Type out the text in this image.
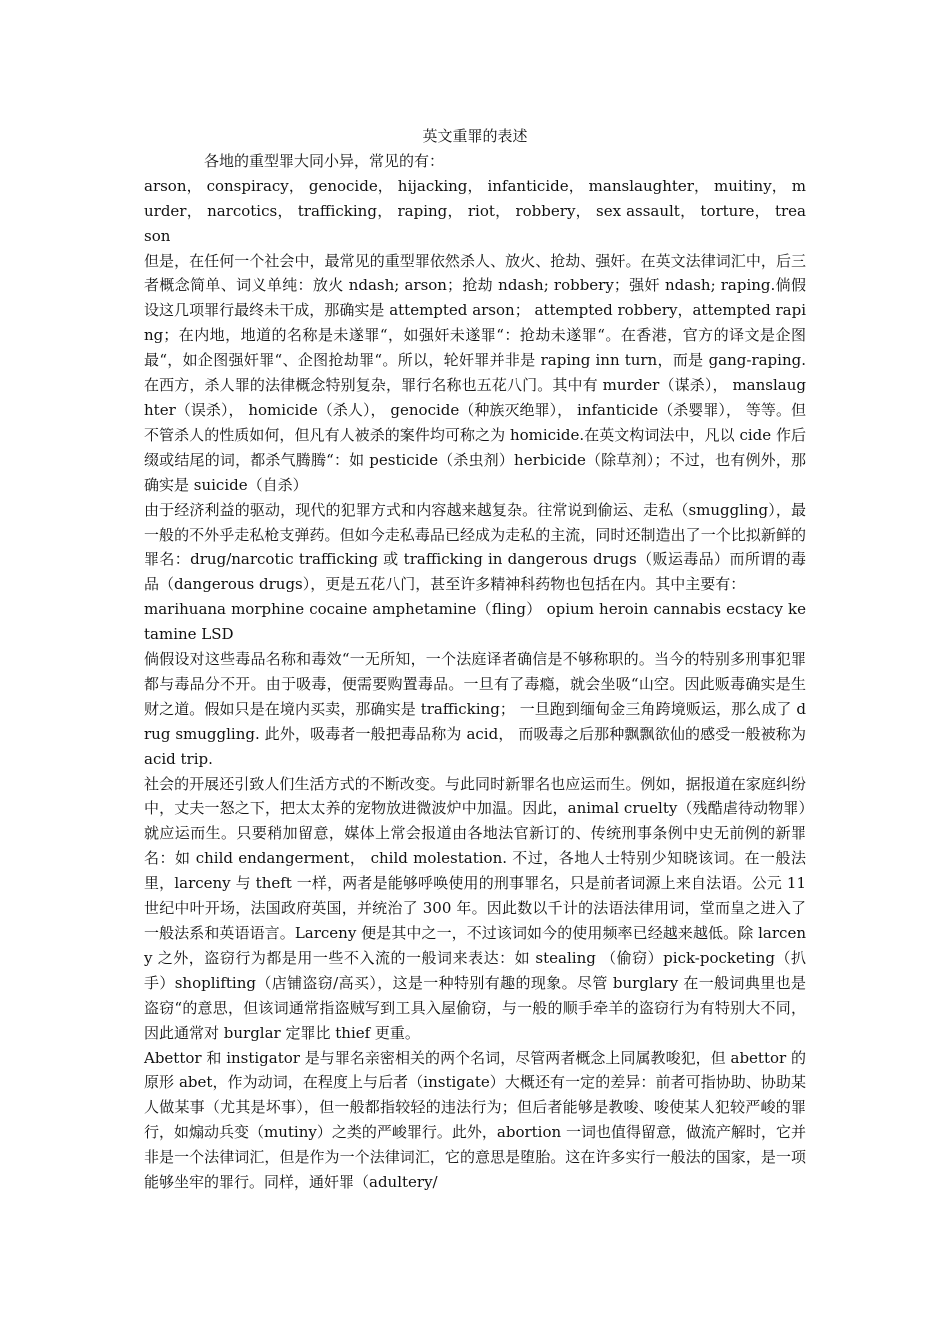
英文重罪的表述

各地的重型罪大同小异，常见的有：

arson， conspiracy， genocide， hijacking， infanticide， manslaughter， muitiny， murder， narcotics， trafficking， raping， riot， robbery， sex assault， torture， treason

但是，在任何一个社会中，最常见的重型罪依然杀人、放火、抢劫、强奸。在英文法律词汇中，后三者概念简单、词义单纯：放火 ndash; arson；抢劫 ndash; robbery；强奸 ndash; raping.倘假设这几项罪行最终未干成，那确实是 attempted arson； attempted robbery，attempted raping；在内地，地道的名称是未遂罪“，如强奸未遂罪“：抢劫未遂罪“。在香港，官方的译文是企图最“，如企图强奸罪“、企图抢劫罪“。所以，轮奸罪并非是 raping inn turn，而是 gang-raping.在西方，杀人罪的法律概念特别复杂，罪行名称也五花八门。其中有 murder（谋杀）， manslaughter（误杀）， homicide（杀人）， genocide（种族灭绝罪）， infanticide（杀婴罪）， 等等。但不管杀人的性质如何，但凡有人被杀的案件均可称之为 homicide.在英文构词法中，凡以 cide 作后缀或结尾的词，都杀气腾腾“：如 pesticide（杀虫剂）herbicide（除草剂）；不过，也有例外，那确实是 suicide（自杀）

由于经济利益的驱动，现代的犯罪方式和内容越来越复杂。往常说到偷运、走私（smuggling），最一般的不外乎走私枪支弹药。但如今走私毒品已经成为走私的主流，同时还制造出了一个比拟新鲜的罪名：drug/narcotic trafficking 或 trafficking in dangerous drugs（贩运毒品）而所谓的毒品（dangerous drugs），更是五花八门，甚至许多精神科药物也包括在内。其中主要有：

marihuana morphine cocaine amphetamine（fling） opium heroin cannabis ecstacy ketamine LSD

倘假设对这些毒品名称和毒效“一无所知，一个法庭译者确信是不够称职的。当今的特别多刑事犯罪都与毒品分不开。由于吸毒，便需要购置毒品。一旦有了毒瘾，就会坐吸“山空。因此贩毒确实是生财之道。假如只是在境内买卖，那确实是 trafficking； 一旦跑到缅甸金三角跨境贩运，那么成了 drug smuggling. 此外，吸毒者一般把毒品称为 acid， 而吸毒之后那种飘飘欲仙的感受一般被称为 acid trip.

社会的开展还引致人们生活方式的不断改变。与此同时新罪名也应运而生。例如，据报道在家庭纠纷中，丈夫一怒之下，把太太养的宠物放进微波炉中加温。因此，animal cruelty（残酷虐待动物罪）就应运而生。只要稍加留意，媒体上常会报道由各地法官新订的、传统刑事条例中史无前例的新罪名：如 child endangerment， child molestation. 不过，各地人士特别少知晓该词。在一般法里，larceny 与 theft 一样，两者是能够呼唤使用的刑事罪名，只是前者词源上来自法语。公元 11 世纪中叶开场，法国政府英国，并统治了 300 年。因此数以千计的法语法律用词，堂而皇之进入了一般法系和英语语言。Larceny 便是其中之一，不过该词如今的使用频率已经越来越低。除 larceny 之外，盗窃行为都是用一些不入流的一般词来表达：如 stealing （偷窃）pick-pocketing（扒手）shoplifting（店铺盗窃/高买），这是一种特别有趣的现象。尽管 burglary 在一般词典里也是盗窃“的意思，但该词通常指盗贼写到工具入屋偷窃，与一般的顺手牵羊的盗窃行为有特别大不同，因此通常对 burglar 定罪比 thief 更重。

Abettor 和 instigator 是与罪名亲密相关的两个名词，尽管两者概念上同属教唆犯，但 abettor 的原形 abet，作为动词，在程度上与后者（instigate）大概还有一定的差异：前者可指协助、协助某人做某事（尤其是坏事），但一般都指较轻的违法行为；但后者能够是教唆、唆使某人犯较严峻的罪行，如煽动兵变（mutiny）之类的严峻罪行。此外，abortion 一词也值得留意，做流产解时，它并非是一个法律词汇，但是作为一个法律词汇，它的意思是堕胎。这在许多实行一般法的国家，是一项能够坐牢的罪行。同样，通奸罪（adultery/
